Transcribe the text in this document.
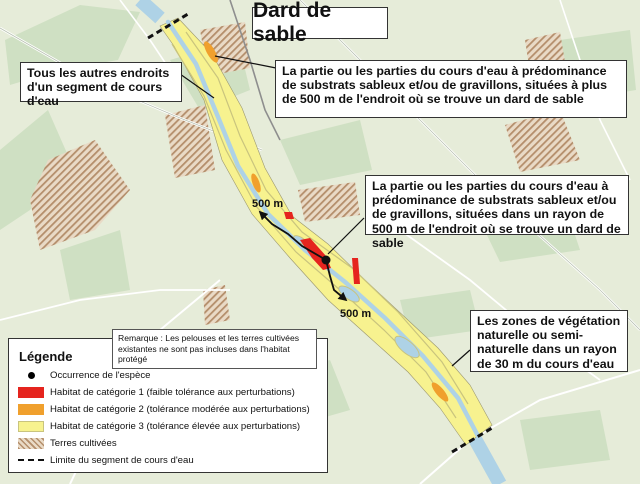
Dard de sable
Tous les autres endroits d'un segment de cours d'eau
La partie ou les parties du cours d'eau à prédominance de substrats sableux et/ou de gravillons, situées à plus de 500 m de l'endroit où se trouve un dard de sable
La partie ou les parties du cours d'eau à prédominance de substrats sableux et/ou de gravillons, situées dans un rayon de 500 m de l'endroit où se trouve un dard de sable
Les zones de végétation naturelle ou semi-naturelle dans un rayon de 30 m du cours d'eau
500 m
500 m
Légende
Occurrence de l'espèce
Habitat de catégorie 1 (faible tolérance aux perturbations)
Habitat de catégorie 2 (tolérance modérée aux perturbations)
Habitat de catégorie 3 (tolérance élevée aux perturbations)
Terres cultivées
Limite du segment de cours d'eau
Remarque : Les pelouses et les terres cultivées existantes ne sont pas incluses dans l'habitat protégé
